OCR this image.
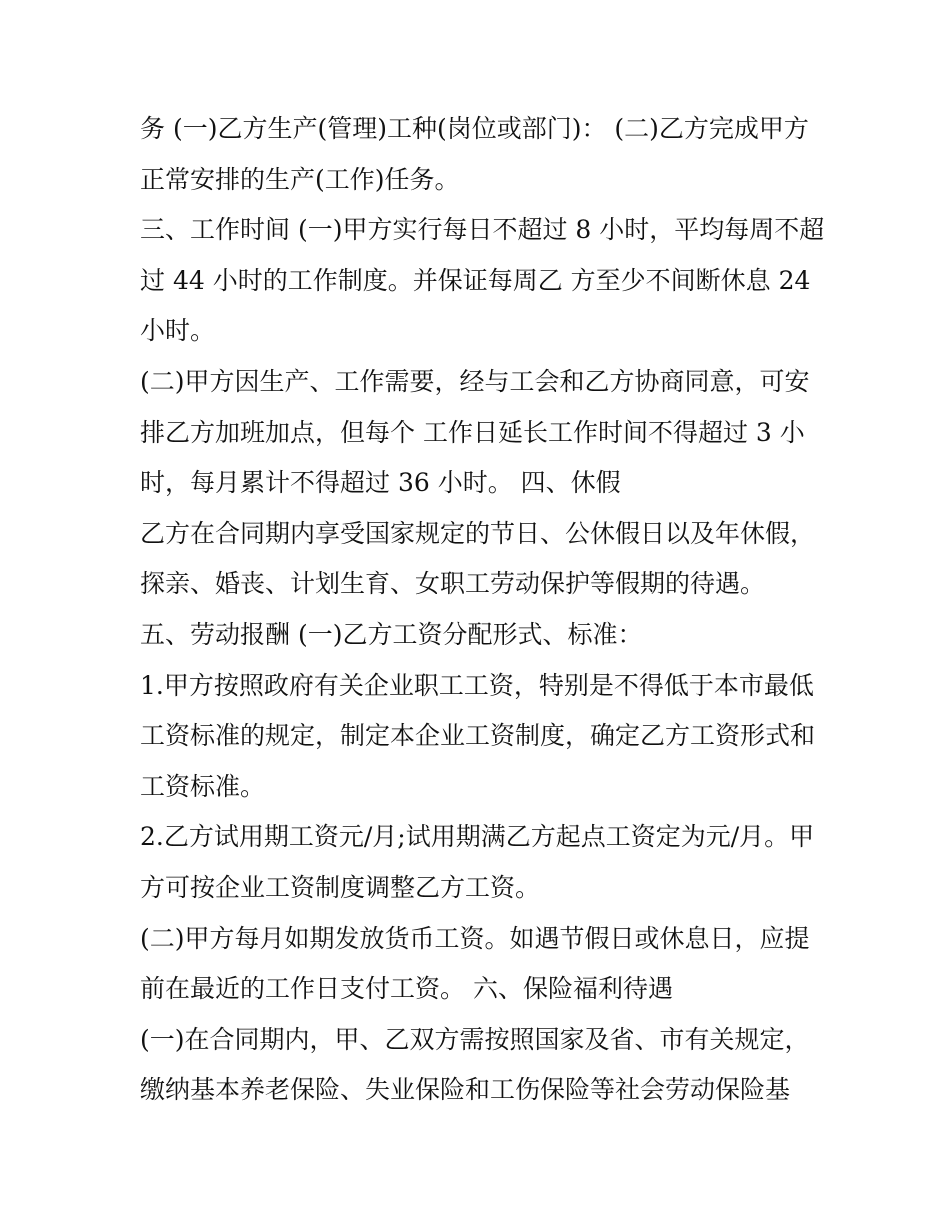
务 (一)乙方生产(管理)工种(岗位或部门)： (二)乙方完成甲方
正常安排的生产(工作)任务。
三、工作时间 (一)甲方实行每日不超过 8 小时，平均每周不超
过 44 小时的工作制度。并保证每周乙 方至少不间断休息 24
小时。
(二)甲方因生产、工作需要，经与工会和乙方协商同意，可安
排乙方加班加点，但每个 工作日延长工作时间不得超过 3 小
时，每月累计不得超过 36 小时。 四、休假
乙方在合同期内享受国家规定的节日、公休假日以及年休假，
探亲、婚丧、计划生育、女职工劳动保护等假期的待遇。
五、劳动报酬 (一)乙方工资分配形式、标准：
1.甲方按照政府有关企业职工工资，特别是不得低于本市最低
工资标准的规定，制定本企业工资制度，确定乙方工资形式和
工资标准。
2.乙方试用期工资元/月;试用期满乙方起点工资定为元/月。甲
方可按企业工资制度调整乙方工资。
(二)甲方每月如期发放货币工资。如遇节假日或休息日，应提
前在最近的工作日支付工资。 六、保险福利待遇
(一)在合同期内，甲、乙双方需按照国家及省、市有关规定，
缴纳基本养老保险、失业保险和工伤保险等社会劳动保险基
